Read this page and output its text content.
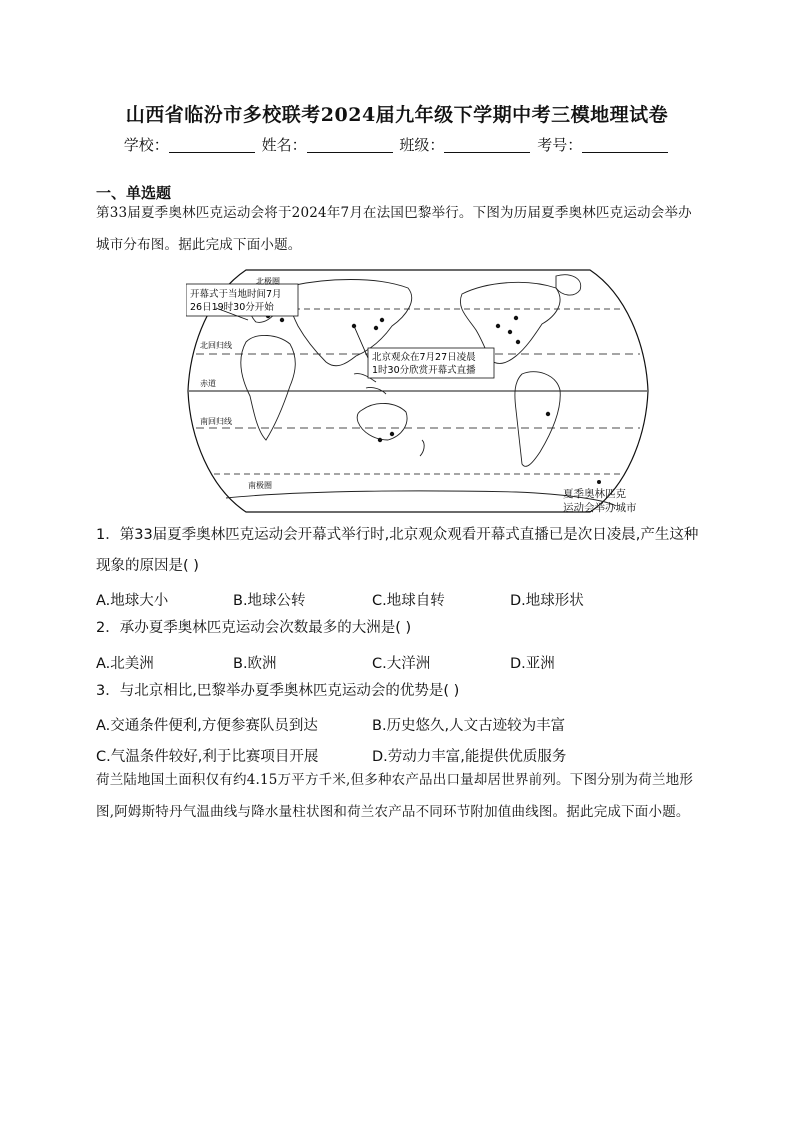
山西省临汾市多校联考2024届九年级下学期中考三模地理试卷
学校：	姓名：	班级：	考号：
一、单选题
第33届夏季奥林匹克运动会将于2024年7月在法国巴黎举行。下图为历届夏季奥林匹克运动会举办城市分布图。据此完成下面小题。
开幕式于当地时间7月
26日19时30分开始
北京观众在7月27日凌晨
1时30分欣赏开幕式直播
北极圈
北回归线
赤道
南回归线
南极圈
夏季奥林匹克
运动会举办城市
1．第33届夏季奥林匹克运动会开幕式举行时,北京观众观看开幕式直播已是次日凌晨,产生这种现象的原因是( )
A.地球大小	B.地球公转	C.地球自转	D.地球形状
2．承办夏季奥林匹克运动会次数最多的大洲是( )
A.北美洲	B.欧洲	C.大洋洲	D.亚洲
3．与北京相比,巴黎举办夏季奥林匹克运动会的优势是( )
A.交通条件便利,方便参赛队员到达	B.历史悠久,人文古迹较为丰富
C.气温条件较好,利于比赛项目开展	D.劳动力丰富,能提供优质服务
荷兰陆地国土面积仅有约4.15万平方千米,但多种农产品出口量却居世界前列。下图分别为荷兰地形图,阿姆斯特丹气温曲线与降水量柱状图和荷兰农产品不同环节附加值曲线图。据此完成下面小题。
